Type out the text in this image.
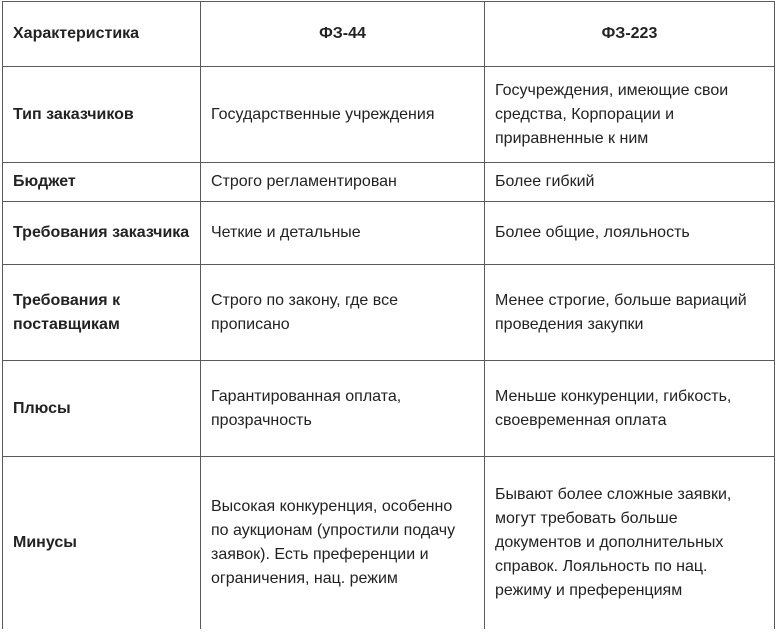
Характеристика	ФЗ-44	ФЗ-223
Тип заказчиков	Государственные учреждения	Госучреждения, имеющие свои средства, Корпорации и приравненные к ним
Бюджет	Строго регламентирован	Более гибкий
Требования заказчика	Четкие и детальные	Более общие, лояльность
Требования к поставщикам	Строго по закону, где все прописано	Менее строгие, больше вариаций проведения закупки
Плюсы	Гарантированная оплата, прозрачность	Меньше конкуренции, гибкость, своевременная оплата
Минусы	Высокая конкуренция, особенно по аукционам (упростили подачу заявок). Есть преференции и ограничения, нац. режим	Бывают более сложные заявки, могут требовать больше документов и дополнительных справок. Лояльность по нац. режиму и преференциям
